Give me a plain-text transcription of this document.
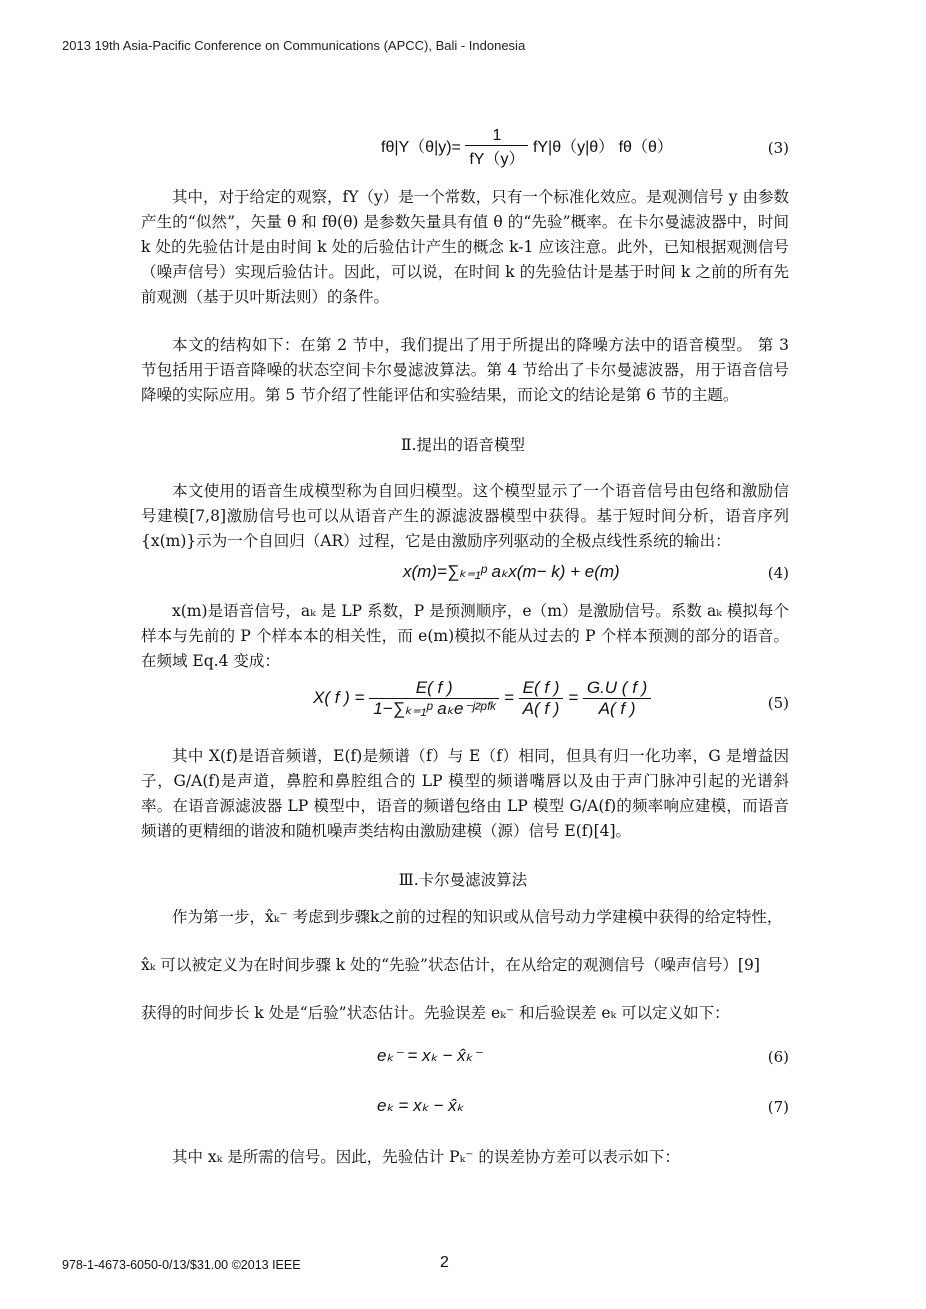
2013 19th Asia-Pacific Conference on Communications (APCC), Bali - Indonesia
$f\theta|Y(\theta|y)= \frac{1}{fY(y)} fY|\theta(y|\theta)$ fθ（θ）	(3)

其中，对于给定的观察，fY（y）是一个常数，只有一个标准化效应。是观测信号 y 由参数产生的“似然”，矢量 θ 和 fθ(θ) 是参数矢量具有值 θ 的“先验”概率。在卡尔曼滤波器中，时间 k 处的先验估计是由时间 k 处的后验估计产生的概念 k-1 应该注意。此外，已知根据观测信号（噪声信号）实现后验估计。因此，可以说，在时间 k 的先验估计是基于时间 k 之前的所有先前观测（基于贝叶斯法则）的条件。

本文的结构如下：在第 2 节中，我们提出了用于所提出的降噪方法中的语音模型。 第 3 节包括用于语音降噪的状态空间卡尔曼滤波算法。第 4 节给出了卡尔曼滤波器，用于语音信号降噪的实际应用。第 5 节介绍了性能评估和实验结果，而论文的结论是第 6 节的主题。

Ⅱ.提出的语音模型

本文使用的语音生成模型称为自回归模型。这个模型显示了一个语音信号由包络和激励信号建模[7,8]激励信号也可以从语音产生的源滤波器模型中获得。基于短时间分析，语音序列{x(m)}示为一个自回归（AR）过程，它是由激励序列驱动的全极点线性系统的输出：

x(m)=∑ₖ₌₁ᵖ aₖx(m− k) + e(m)	(4)

x(m)是语音信号，aₖ 是 LP 系数，P 是预测顺序，e（m）是激励信号。系数 aₖ 模拟每个样本与先前的 P 个样本本的相关性，而 e(m)模拟不能从过去的 P 个样本预测的部分的语音。在频域 Eq.4 变成：

X( f ) = $\frac{E( f )}{\text{1−∑ₖ₌₁ᵖ aₖe⁻ʲ²ᵖᶠᵏ}} = \frac{E( f )}{A( f )} = \frac{G.U ( f )}{A( f )}$	(5)

其中 X(f)是语音频谱，E(f)是频谱（f）与 E（f）相同，但具有归一化功率，G 是增益因子，G/A(f)是声道，鼻腔和鼻腔组合的 LP 模型的频谱嘴唇以及由于声门脉冲引起的光谱斜率。在语音源滤波器 LP 模型中，语音的频谱包络由 LP 模型 G/A(f)的频率响应建模，而语音频谱的更精细的谐波和随机噪声类结构由激励建模（源）信号 E(f)[4]。

Ⅲ.卡尔曼滤波算法
作为第一步，x̂ₖ⁻ 考虑到步骤k之前的过程的知识或从信号动力学建模中获得的给定特性，
x̂ₖ 可以被定义为在时间步骤 k 处的“先验”状态估计，在从给定的观测信号（噪声信号）[9]
获得的时间步长 k 处是“后验”状态估计。先验误差 eₖ⁻ 和后验误差 eₖ 可以定义如下：
eₖ⁻ = xₖ − x̂ₖ⁻	(6)
eₖ = xₖ − x̂ₖ	(7)
其中 xₖ 是所需的信号。因此，先验估计 Pₖ⁻ 的误差协方差可以表示如下：
978-1-4673-6050-0/13/$31.00 ©2013 IEEE	2
